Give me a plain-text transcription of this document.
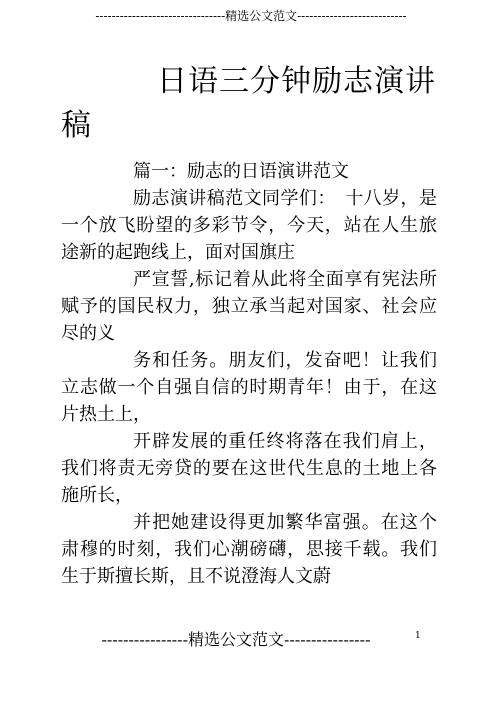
--------------------------------精选公文范文---------------------------
日语三分钟励志演讲稿

篇一：励志的日语演讲范文

励志演讲稿范文同学们：　十八岁，是一个放飞盼望的多彩节令，今天，站在人生旅途新的起跑线上，面对国旗庄

严宣誓,标记着从此将全面享有宪法所赋予的国民权力，独立承当起对国家、社会应尽的义

务和任务。朋友们，发奋吧！让我们立志做一个自强自信的时期青年！由于，在这片热土上，

开辟发展的重任终将落在我们肩上，我们将责无旁贷的要在这世代生息的土地上各施所长，

并把她建设得更加繁华富强。在这个肃穆的时刻，我们心潮磅礴，思接千载。我们生于斯擅长斯，且不说澄海人文蔚

----------------精选公文范文----------------	1
